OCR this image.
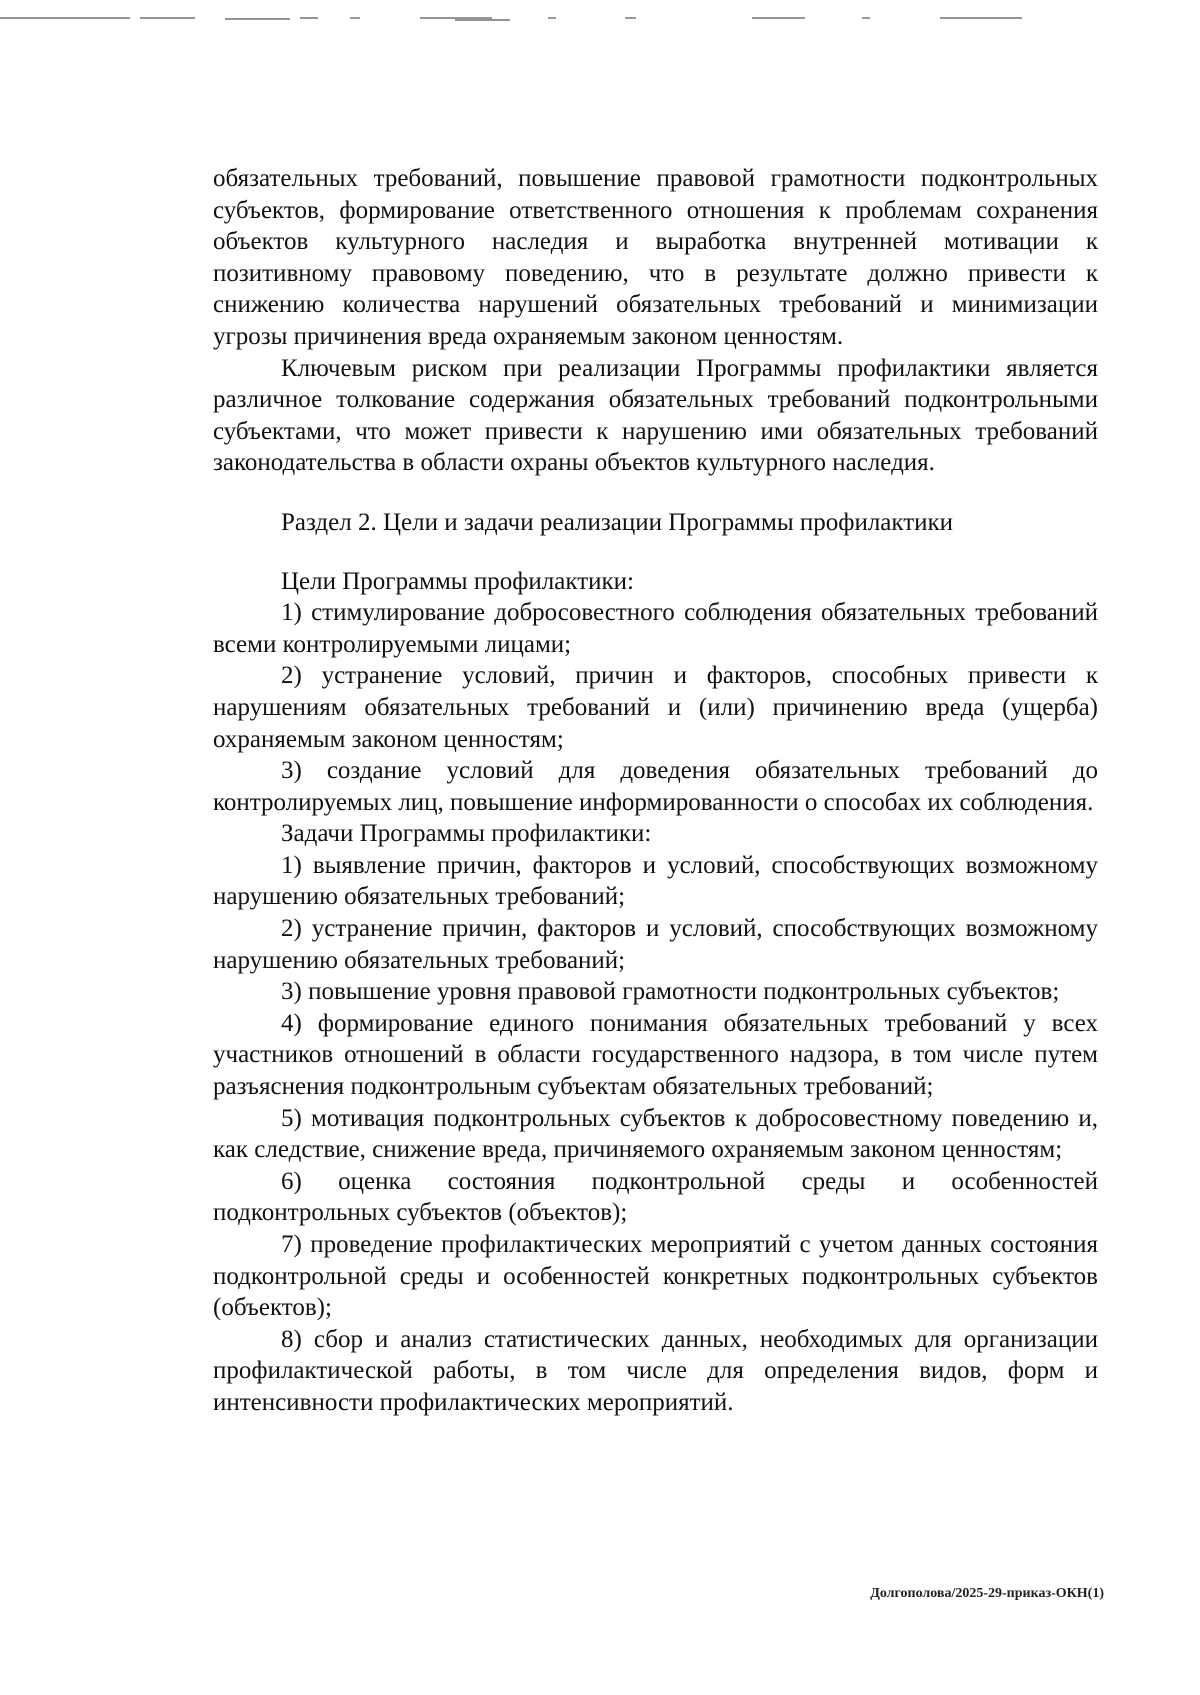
обязательных требований, повышение правовой грамотности подконтрольных субъектов, формирование ответственного отношения к проблемам сохранения объектов культурного наследия и выработка внутренней мотивации к позитивному правовому поведению, что в результате должно привести к снижению количества нарушений обязательных требований и минимизации угрозы причинения вреда охраняемым законом ценностям.

Ключевым риском при реализации Программы профилактики является различное толкование содержания обязательных требований подконтрольными субъектами, что может привести к нарушению ими обязательных требований законодательства в области охраны объектов культурного наследия.

Раздел 2. Цели и задачи реализации Программы профилактики

Цели Программы профилактики:

1) стимулирование добросовестного соблюдения обязательных требований всеми контролируемыми лицами;

2) устранение условий, причин и факторов, способных привести к нарушениям обязательных требований и (или) причинению вреда (ущерба) охраняемым законом ценностям;

3) создание условий для доведения обязательных требований до контролируемых лиц, повышение информированности о способах их соблюдения.

Задачи Программы профилактики:

1) выявление причин, факторов и условий, способствующих возможному нарушению обязательных требований;

2) устранение причин, факторов и условий, способствующих возможному нарушению обязательных требований;

3) повышение уровня правовой грамотности подконтрольных субъектов;

4) формирование единого понимания обязательных требований у всех участников отношений в области государственного надзора, в том числе путем разъяснения подконтрольным субъектам обязательных требований;

5) мотивация подконтрольных субъектов к добросовестному поведению и, как следствие, снижение вреда, причиняемого охраняемым законом ценностям;

6) оценка состояния подконтрольной среды и особенностей подконтрольных субъектов (объектов);

7) проведение профилактических мероприятий с учетом данных состояния подконтрольной среды и особенностей конкретных подконтрольных субъектов (объектов);

8) сбор и анализ статистических данных, необходимых для организации профилактической работы, в том числе для определения видов, форм и интенсивности профилактических мероприятий.

Долгополова/2025-29-приказ-ОКН(1)
